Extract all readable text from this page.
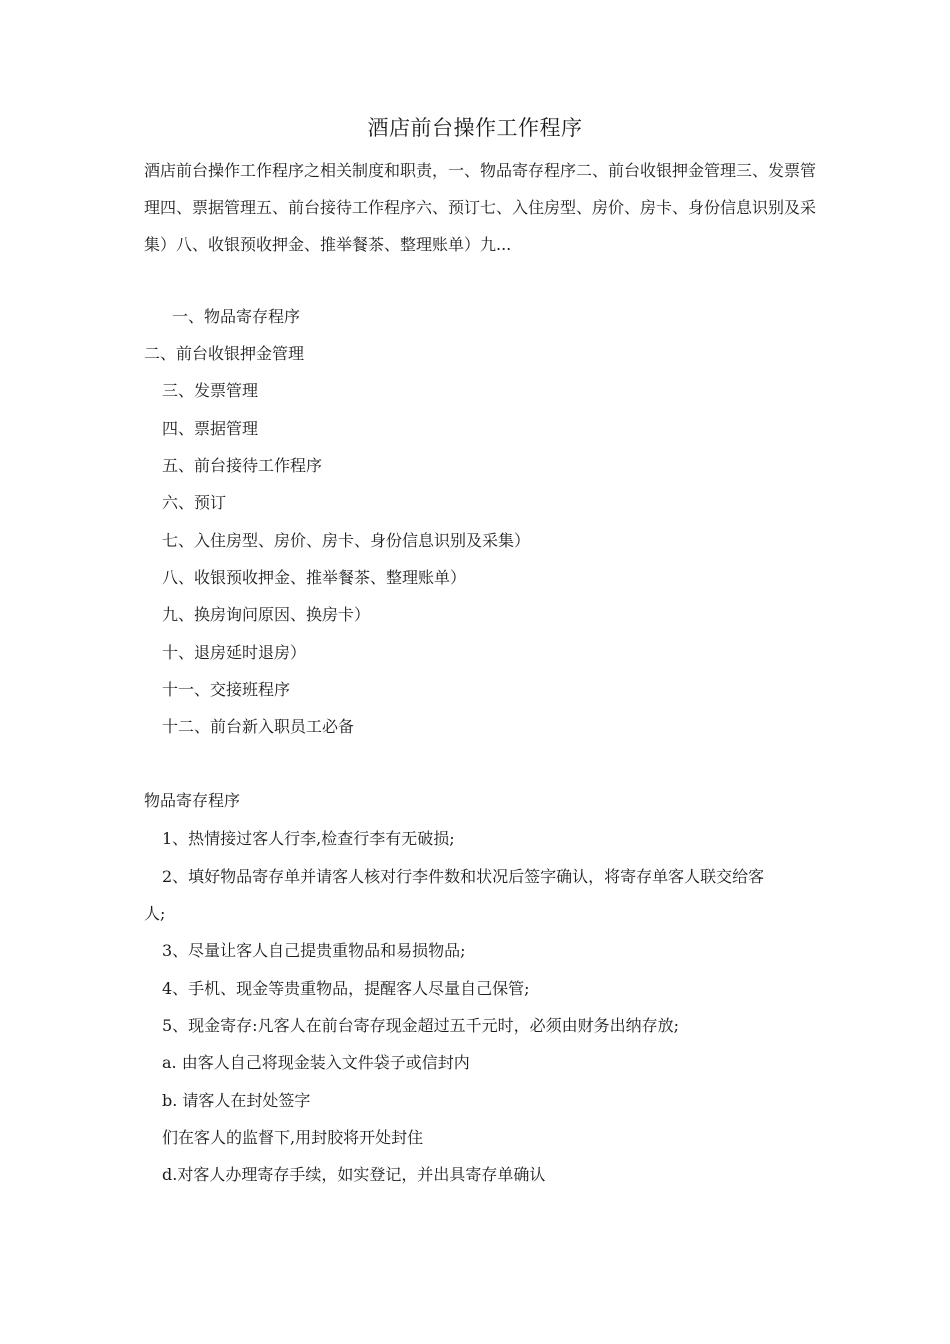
酒店前台操作工作程序

酒店前台操作工作程序之相关制度和职责，一、物品寄存程序二、前台收银押金管理三、发票管理四、票据管理五、前台接待工作程序六、预订七、入住房型、房价、房卡、身份信息识别及采集）八、收银预收押金、推举餐茶、整理账单）九...

一、物品寄存程序
二、前台收银押金管理
三、发票管理
四、票据管理
五、前台接待工作程序
六、预订
七、入住房型、房价、房卡、身份信息识别及采集）
八、收银预收押金、推举餐茶、整理账单）
九、换房询问原因、换房卡）
十、退房延时退房）
十一、交接班程序
十二、前台新入职员工必备
物品寄存程序
1、热情接过客人行李,检查行李有无破损;
2、填好物品寄存单并请客人核对行李件数和状况后签字确认，将寄存单客人联交给客
人;
3、尽量让客人自己提贵重物品和易损物品;
4、手机、现金等贵重物品，提醒客人尽量自己保管;
5、现金寄存:凡客人在前台寄存现金超过五千元时，必须由财务出纳存放;
a. 由客人自己将现金装入文件袋子或信封内
b. 请客人在封处签字
们在客人的监督下,用封胶将开处封住
d.对客人办理寄存手续，如实登记，并出具寄存单确认
